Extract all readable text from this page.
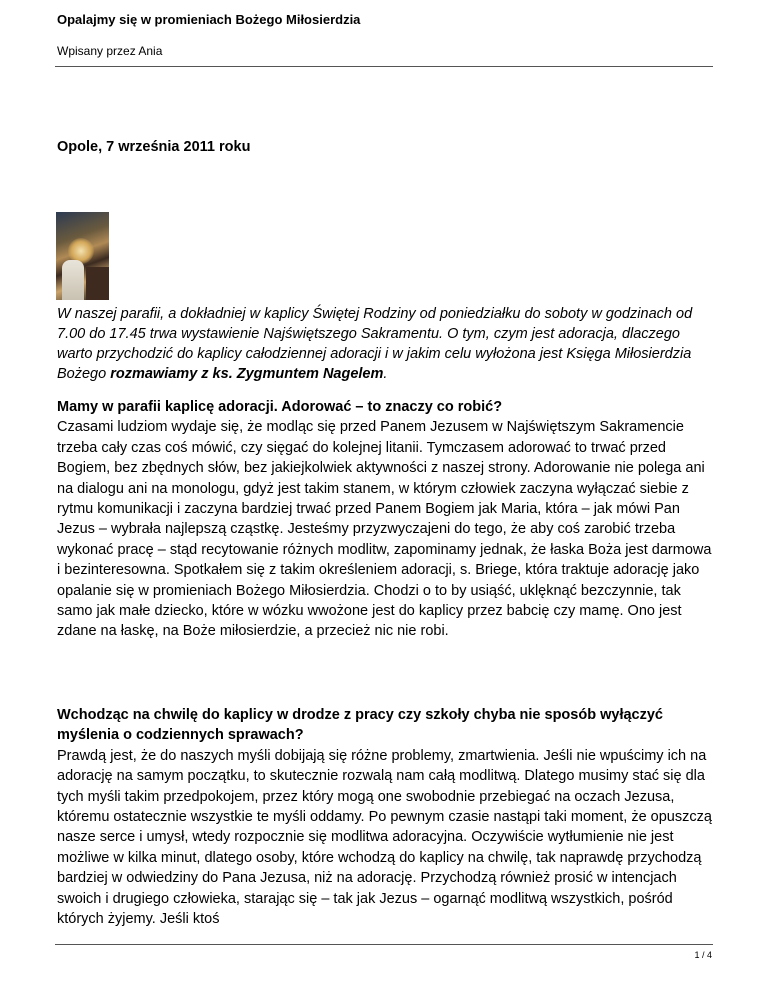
Opalajmy się w promieniach Bożego Miłosierdzia
Wpisany przez Ania
Opole, 7 września 2011 roku
W naszej parafii, a dokładniej w kaplicy Świętej Rodziny od poniedziałku do soboty w godzinach od 7.00 do 17.45 trwa wystawienie Najświętszego Sakramentu. O tym, czym jest adoracja, dlaczego warto przychodzić do kaplicy całodziennej adoracji i w jakim celu wyłożona jest Księga Miłosierdzia Bożego rozmawiamy z ks. Zygmuntem Nagelem.
Mamy w parafii kaplicę adoracji. Adorować – to znaczy co robić?
Czasami ludziom wydaje się, że modląc się przed Panem Jezusem w Najświętszym Sakramencie trzeba cały czas coś mówić, czy sięgać do kolejnej litanii. Tymczasem adorować to trwać przed Bogiem, bez zbędnych słów, bez jakiejkolwiek aktywności z naszej strony. Adorowanie nie polega ani na dialogu ani na monologu, gdyż jest takim stanem, w którym człowiek zaczyna wyłączać siebie z rytmu komunikacji i zaczyna bardziej trwać przed Panem Bogiem jak Maria, która – jak mówi Pan Jezus – wybrała najlepszą cząstkę. Jesteśmy przyzwyczajeni do tego, że aby coś zarobić trzeba wykonać pracę – stąd recytowanie różnych modlitw, zapominamy jednak, że łaska Boża jest darmowa i bezinteresowna. Spotkałem się z takim określeniem adoracji, s. Briege, która traktuje adorację jako opalanie się w promieniach Bożego Miłosierdzia. Chodzi o to by usiąść, uklęknąć bezczynnie, tak samo jak małe dziecko, które w wózku wwożone jest do kaplicy przez babcię czy mamę. Ono jest zdane na łaskę, na Boże miłosierdzie, a przecież nic nie robi.
Wchodząc na chwilę do kaplicy w drodze z pracy czy szkoły chyba nie sposób wyłączyć myślenia o codziennych sprawach?
Prawdą jest, że do naszych myśli dobijają się różne problemy, zmartwienia. Jeśli nie wpuścimy ich na adorację na samym początku, to skutecznie rozwalą nam całą modlitwą. Dlatego musimy stać się dla tych myśli takim przedpokojem, przez który mogą one swobodnie przebiegać na oczach Jezusa, któremu ostatecznie wszystkie te myśli oddamy. Po pewnym czasie nastąpi taki moment, że opuszczą nasze serce i umysł, wtedy rozpocznie się modlitwa adoracyjna. Oczywiście wytłumienie nie jest możliwe w kilka minut, dlatego osoby, które wchodzą do kaplicy na chwilę, tak naprawdę przychodzą bardziej w odwiedziny do Pana Jezusa, niż na adorację. Przychodzą również prosić w intencjach swoich i drugiego człowieka, starając się – tak jak Jezus – ogarnąć modlitwą wszystkich, pośród których żyjemy. Jeśli ktoś
1 / 4
